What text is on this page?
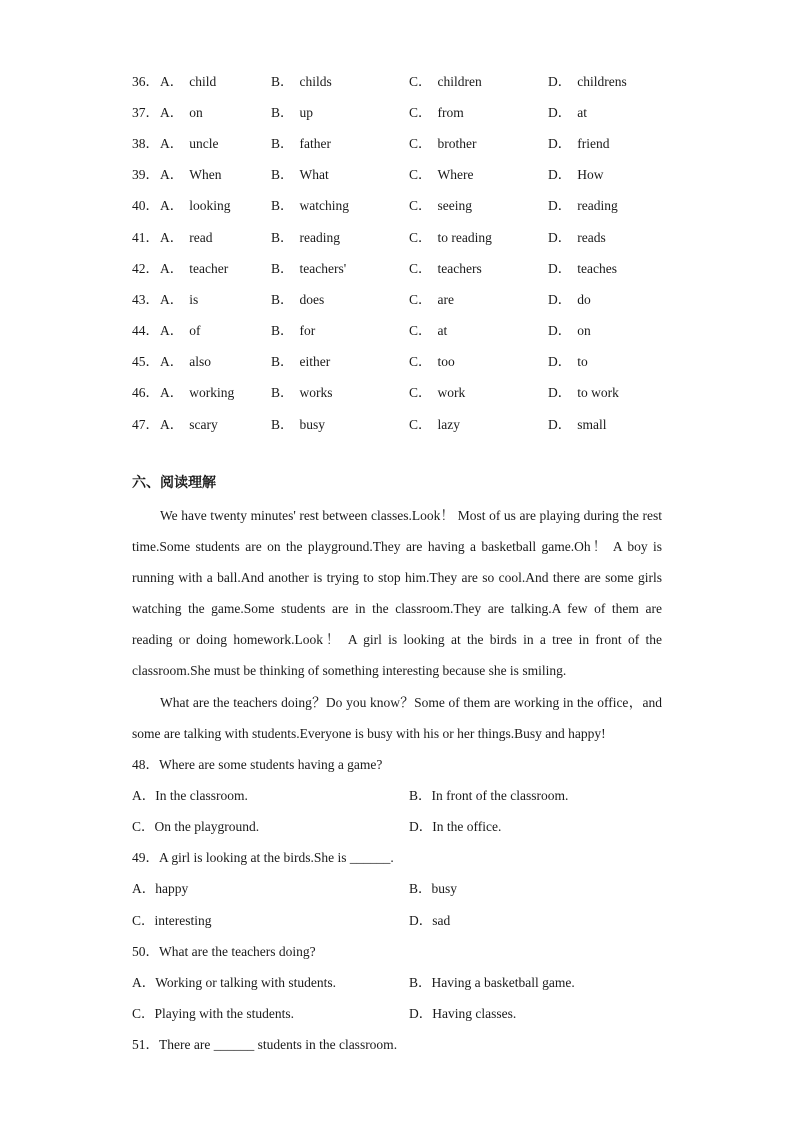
36． A． child	B． childs	C． children	D． childrens
37． A． on	B． up	C． from	D． at
38． A． uncle	B． father	C． brother	D． friend
39． A． When	B． What	C． Where	D． How
40． A． looking	B． watching	C． seeing	D． reading
41． A． read	B． reading	C． to reading	D． reads
42． A． teacher	B． teachers'	C． teachers	D． teaches
43． A． is	B． does	C． are	D． do
44． A． of	B． for	C． at	D． on
45． A． also	B． either	C． too	D． to
46． A． working	B． works	C． work	D． to work
47． A． scary	B． busy	C． lazy	D． small
六、阅读理解

We have twenty minutes' rest between classes.Look！ Most of us are playing during the rest time.Some students are on the playground.They are having a basketball game.Oh！ A boy is running with a ball.And another is trying to stop him.They are so cool.And there are some girls watching the game.Some students are in the classroom.They are talking.A few of them are reading or doing homework.Look！ A girl is looking at the birds in a tree in front of the classroom.She must be thinking of something interesting because she is smiling.

What are the teachers doing？Do you know？Some of them are working in the office，and some are talking with students.Everyone is busy with his or her things.Busy and happy!

48．Where are some students having a game?
A．In the classroom.	B．In front of the classroom.
C．On the playground.	D．In the office.
49．A girl is looking at the birds.She is ______.
A．happy	B．busy
C．interesting	D．sad
50．What are the teachers doing?
A．Working or talking with students.	B．Having a basketball game.
C．Playing with the students.	D．Having classes.
51．There are ______ students in the classroom.
